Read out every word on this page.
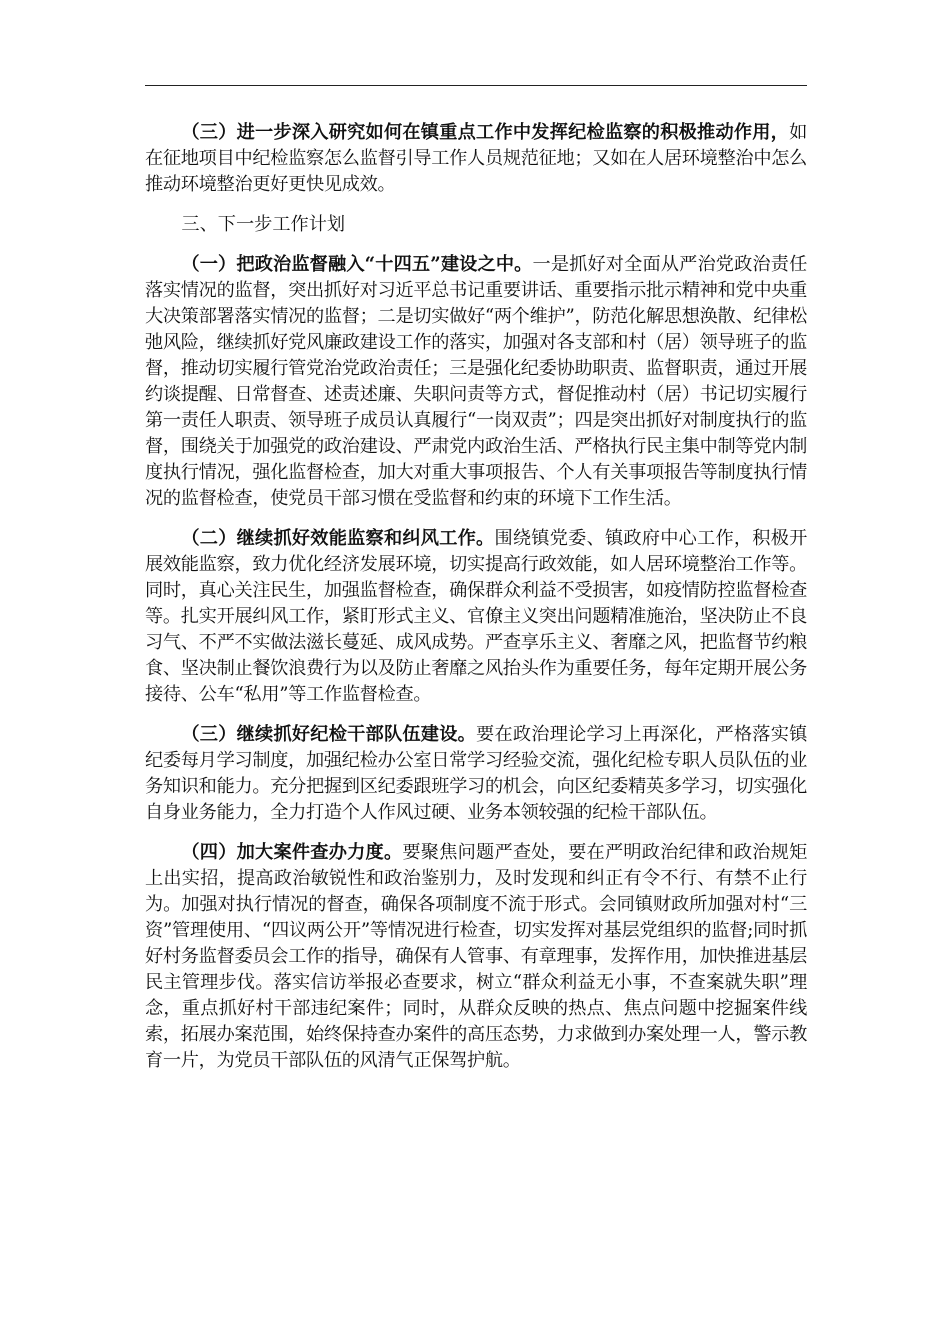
（三）进一步深入研究如何在镇重点工作中发挥纪检监察的积极推动作用，如在征地项目中纪检监察怎么监督引导工作人员规范征地；又如在人居环境整治中怎么推动环境整治更好更快见成效。

三、下一步工作计划

（一）把政治监督融入“十四五”建设之中。一是抓好对全面从严治党政治责任落实情况的监督，突出抓好对习近平总书记重要讲话、重要指示批示精神和党中央重大决策部署落实情况的监督；二是切实做好“两个维护”，防范化解思想涣散、纪律松弛风险，继续抓好党风廉政建设工作的落实，加强对各支部和村（居）领导班子的监督，推动切实履行管党治党政治责任；三是强化纪委协助职责、监督职责，通过开展约谈提醒、日常督查、述责述廉、失职问责等方式，督促推动村（居）书记切实履行第一责任人职责、领导班子成员认真履行“一岗双责”；四是突出抓好对制度执行的监督，围绕关于加强党的政治建设、严肃党内政治生活、严格执行民主集中制等党内制度执行情况，强化监督检查，加大对重大事项报告、个人有关事项报告等制度执行情况的监督检查，使党员干部习惯在受监督和约束的环境下工作生活。

（二）继续抓好效能监察和纠风工作。围绕镇党委、镇政府中心工作，积极开展效能监察，致力优化经济发展环境，切实提高行政效能，如人居环境整治工作等。同时，真心关注民生，加强监督检查，确保群众利益不受损害，如疫情防控监督检查等。扎实开展纠风工作，紧盯形式主义、官僚主义突出问题精准施治，坚决防止不良习气、不严不实做法滋长蔓延、成风成势。严查享乐主义、奢靡之风，把监督节约粮食、坚决制止餐饮浪费行为以及防止奢靡之风抬头作为重要任务，每年定期开展公务接待、公车“私用”等工作监督检查。

（三）继续抓好纪检干部队伍建设。要在政治理论学习上再深化，严格落实镇纪委每月学习制度，加强纪检办公室日常学习经验交流，强化纪检专职人员队伍的业务知识和能力。充分把握到区纪委跟班学习的机会，向区纪委精英多学习，切实强化自身业务能力，全力打造个人作风过硬、业务本领较强的纪检干部队伍。

（四）加大案件查办力度。要聚焦问题严查处，要在严明政治纪律和政治规矩上出实招，提高政治敏锐性和政治鉴别力，及时发现和纠正有令不行、有禁不止行为。加强对执行情况的督查，确保各项制度不流于形式。会同镇财政所加强对村“三资”管理使用、“四议两公开”等情况进行检查，切实发挥对基层党组织的监督;同时抓好村务监督委员会工作的指导，确保有人管事、有章理事，发挥作用，加快推进基层民主管理步伐。落实信访举报必查要求，树立“群众利益无小事，不查案就失职”理念，重点抓好村干部违纪案件；同时，从群众反映的热点、焦点问题中挖掘案件线索，拓展办案范围，始终保持查办案件的高压态势，力求做到办案处理一人，警示教育一片，为党员干部队伍的风清气正保驾护航。
